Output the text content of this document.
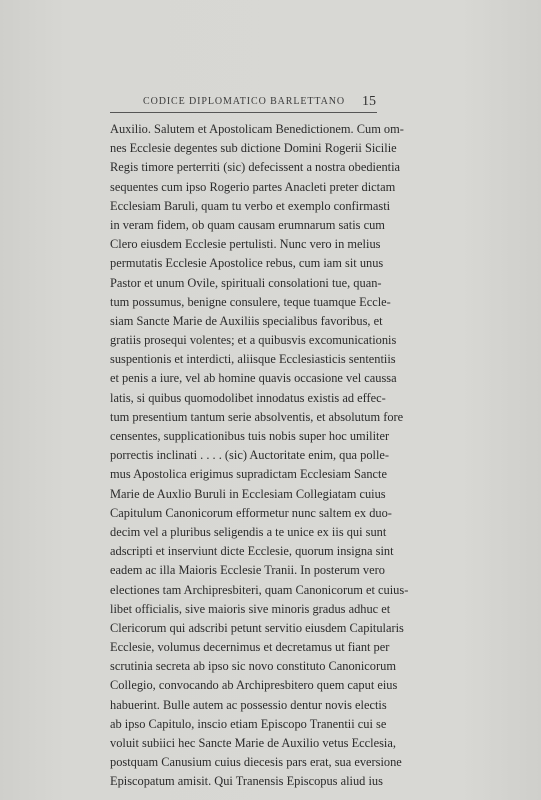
CODICE DIPLOMATICO BARLETTANO 15
Auxilio. Salutem et Apostolicam Benedictionem. Cum om-
nes Ecclesie degentes sub dictione Domini Rogerii Sicilie
Regis timore perterriti (sic) defecissent a nostra obedientia
sequentes cum ipso Rogerio partes Anacleti preter dictam
Ecclesiam Baruli, quam tu verbo et exemplo confirmasti
in veram fidem, ob quam causam erumnarum satis cum
Clero eiusdem Ecclesie pertulisti. Nunc vero in melius
permutatis Ecclesie Apostolice rebus, cum iam sit unus
Pastor et unum Ovile, spirituali consolationi tue, quan-
tum possumus, benigne consulere, teque tuamque Eccle-
siam Sancte Marie de Auxiliis specialibus favoribus, et
gratiis prosequi volentes; et a quibusvis excomunicationis
suspentionis et interdicti, aliisque Ecclesiasticis sententiis
et penis a iure, vel ab homine quavis occasione vel caussa
latis, si quibus quomodolibet innodatus existis ad effec-
tum presentium tantum serie absolventis, et absolutum fore
censentes, supplicationibus tuis nobis super hoc umiliter
porrectis inclinati . . . . (sic) Auctoritate enim, qua polle-
mus Apostolica erigimus supradictam Ecclesiam Sancte
Marie de Auxlio Buruli in Ecclesiam Collegiatam cuius
Capitulum Canonicorum efformetur nunc saltem ex duo-
decim vel a pluribus seligendis a te unice ex iis qui sunt
adscripti et inserviunt dicte Ecclesie, quorum insigna sint
eadem ac illa Maioris Ecclesie Tranii. In posterum vero
electiones tam Archipresbiteri, quam Canonicorum et cuius-
libet officialis, sive maioris sive minoris gradus adhuc et
Clericorum qui adscribi petunt servitio eiusdem Capitularis
Ecclesie, volumus decernimus et decretamus ut fiant per
scrutinia secreta ab ipso sic novo constituto Canonicorum
Collegio, convocando ab Archipresbitero quem caput eius
habuerint. Bulle autem ac possessio dentur novis electis
ab ipso Capitulo, inscio etiam Episcopo Tranentii cui se
voluit subiici hec Sancte Marie de Auxilio vetus Ecclesia,
postquam Canusium cuius diecesis pars erat, sua eversione
Episcopatum amisit. Qui Tranensis Episcopus aliud ius
